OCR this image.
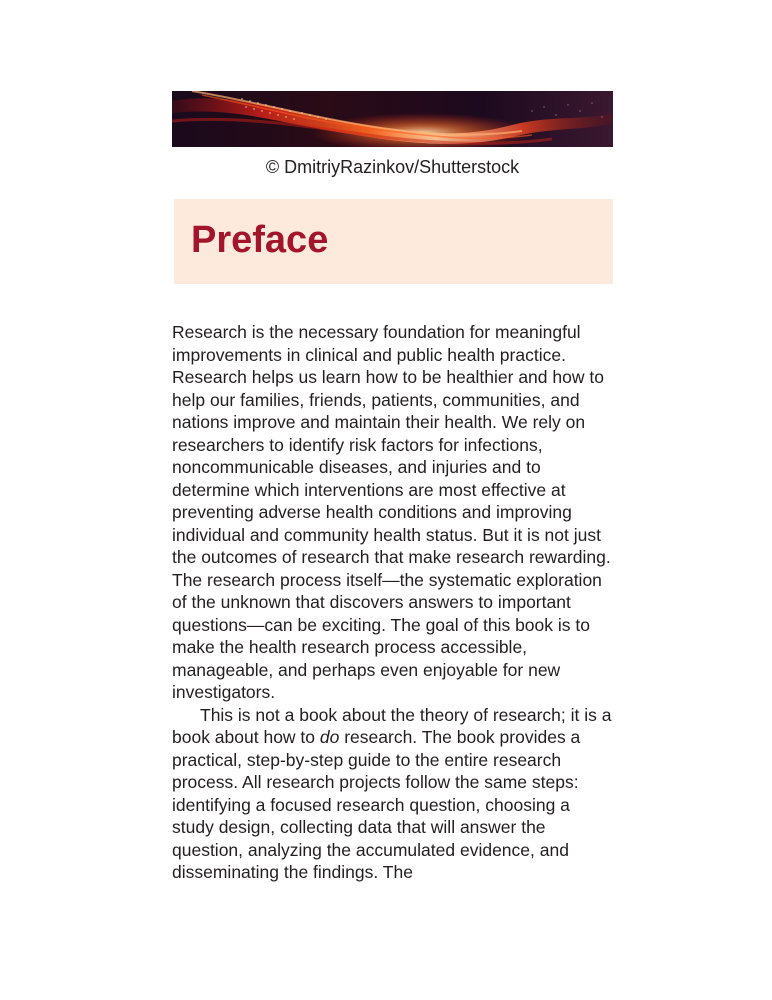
© DmitriyRazinkov/Shutterstock
Preface

Research is the necessary foundation for meaningful improvements in clinical and public health practice. Research helps us learn how to be healthier and how to help our families, friends, patients, communities, and nations improve and maintain their health. We rely on researchers to identify risk factors for infections, noncommunicable diseases, and injuries and to determine which interventions are most effective at preventing adverse health conditions and improving individual and community health status. But it is not just the outcomes of research that make research rewarding. The research process itself—the systematic exploration of the unknown that discovers answers to important questions—can be exciting. The goal of this book is to make the health research process accessible, manageable, and perhaps even enjoyable for new investigators.

This is not a book about the theory of research; it is a book about how to do research. The book provides a practical, step-by-step guide to the entire research process. All research projects follow the same steps: identifying a focused research question, choosing a study design, collecting data that will answer the question, analyzing the accumulated evidence, and disseminating the findings. The
